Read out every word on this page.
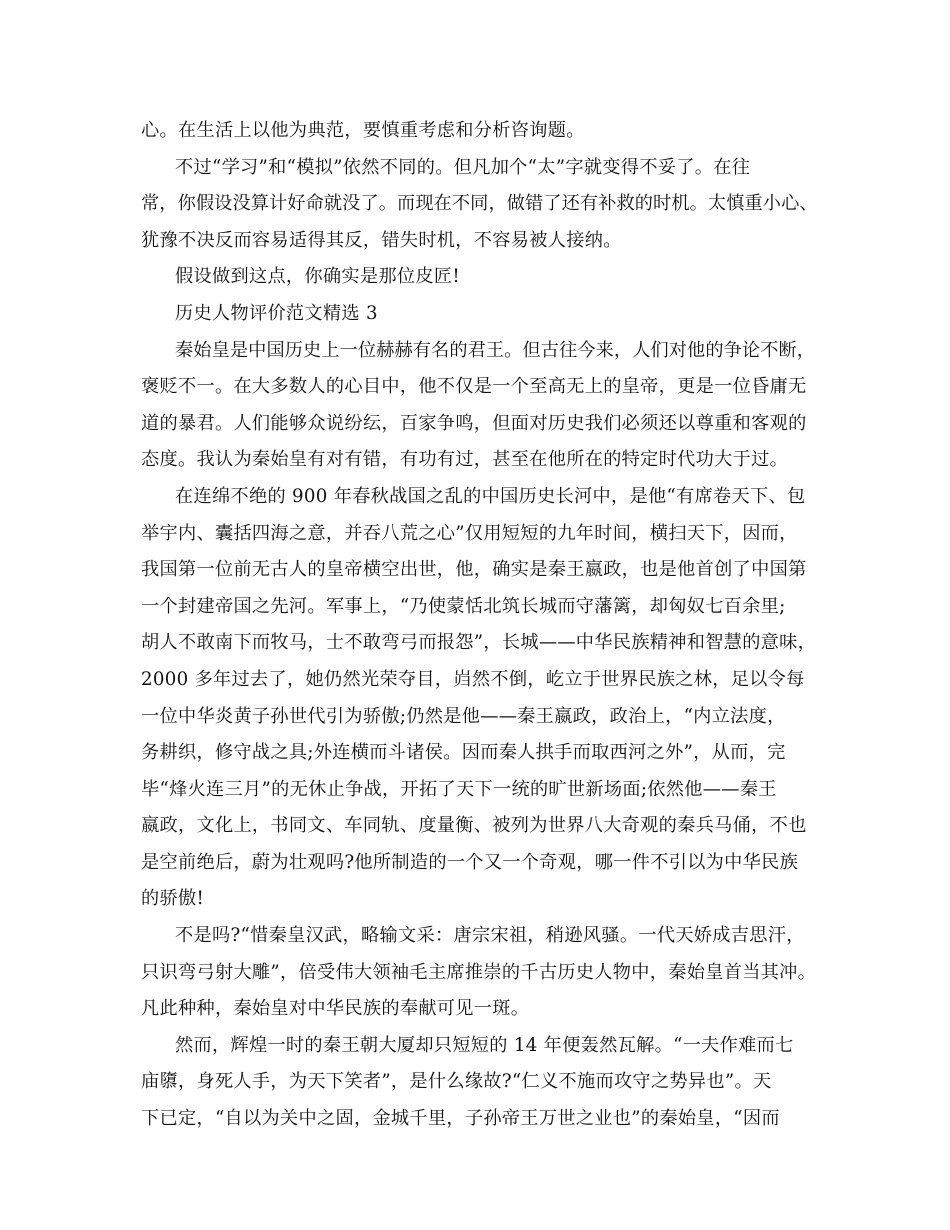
心。在生活上以他为典范，要慎重考虑和分析咨询题。
不过“学习”和“模拟”依然不同的。但凡加个“太”字就变得不妥了。在往
常，你假设没算计好命就没了。而现在不同，做错了还有补救的时机。太慎重小心、
犹豫不决反而容易适得其反，错失时机，不容易被人接纳。
假设做到这点，你确实是那位皮匠!
历史人物评价范文精选 3
秦始皇是中国历史上一位赫赫有名的君王。但古往今来，人们对他的争论不断，
褒贬不一。在大多数人的心目中，他不仅是一个至高无上的皇帝，更是一位昏庸无
道的暴君。人们能够众说纷纭，百家争鸣，但面对历史我们必须还以尊重和客观的
态度。我认为秦始皇有对有错，有功有过，甚至在他所在的特定时代功大于过。
在连绵不绝的 900 年春秋战国之乱的中国历史长河中，是他“有席卷天下、包
举宇内、囊括四海之意，并吞八荒之心”仅用短短的九年时间，横扫天下，因而，
我国第一位前无古人的皇帝横空出世，他，确实是秦王嬴政，也是他首创了中国第
一个封建帝国之先河。军事上，“乃使蒙恬北筑长城而守藩篱，却匈奴七百余里;
胡人不敢南下而牧马，士不敢弯弓而报怨”，长城——中华民族精神和智慧的意味，
2000 多年过去了，她仍然光荣夺目，岿然不倒，屹立于世界民族之林，足以令每
一位中华炎黄子孙世代引为骄傲;仍然是他——秦王嬴政，政治上，“内立法度，
务耕织，修守战之具;外连横而斗诸侯。因而秦人拱手而取西河之外”，从而，完
毕“烽火连三月”的无休止争战，开拓了天下一统的旷世新场面;依然他——秦王
嬴政，文化上，书同文、车同轨、度量衡、被列为世界八大奇观的秦兵马俑，不也
是空前绝后，蔚为壮观吗?他所制造的一个又一个奇观，哪一件不引以为中华民族
的骄傲!
不是吗?“惜秦皇汉武，略输文采：唐宗宋祖，稍逊风骚。一代天娇成吉思汗，
只识弯弓射大雕”，倍受伟大领袖毛主席推崇的千古历史人物中，秦始皇首当其冲。
凡此种种，秦始皇对中华民族的奉献可见一斑。
然而，辉煌一时的秦王朝大厦却只短短的 14 年便轰然瓦解。“一夫作难而七
庙隳，身死人手，为天下笑者”，是什么缘故?“仁义不施而攻守之势异也”。天
下已定，“自以为关中之固，金城千里，子孙帝王万世之业也”的秦始皇，“因而
